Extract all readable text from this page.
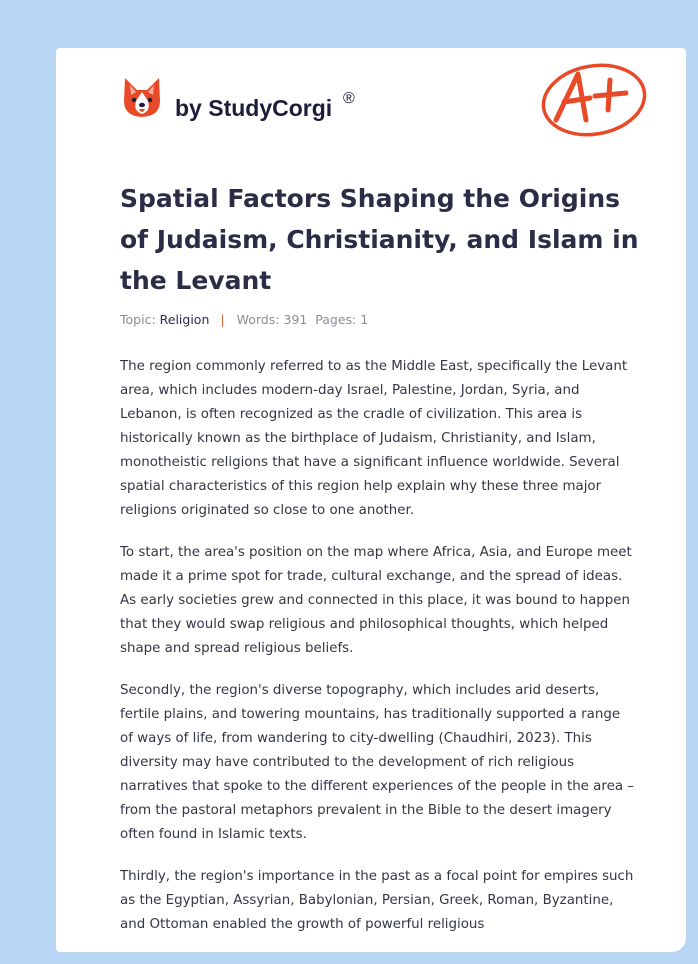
by StudyCorgi ®
Spatial Factors Shaping the Origins of Judaism, Christianity, and Islam in the Levant
Topic: Religion | Words: 391 Pages: 1

The region commonly referred to as the Middle East, specifically the Levant area, which includes modern-day Israel, Palestine, Jordan, Syria, and Lebanon, is often recognized as the cradle of civilization. This area is historically known as the birthplace of Judaism, Christianity, and Islam, monotheistic religions that have a significant influence worldwide. Several spatial characteristics of this region help explain why these three major religions originated so close to one another.

To start, the area's position on the map where Africa, Asia, and Europe meet made it a prime spot for trade, cultural exchange, and the spread of ideas. As early societies grew and connected in this place, it was bound to happen that they would swap religious and philosophical thoughts, which helped shape and spread religious beliefs.

Secondly, the region's diverse topography, which includes arid deserts, fertile plains, and towering mountains, has traditionally supported a range of ways of life, from wandering to city-dwelling (Chaudhiri, 2023). This diversity may have contributed to the development of rich religious narratives that spoke to the different experiences of the people in the area – from the pastoral metaphors prevalent in the Bible to the desert imagery often found in Islamic texts.

Thirdly, the region's importance in the past as a focal point for empires such as the Egyptian, Assyrian, Babylonian, Persian, Greek, Roman, Byzantine, and Ottoman enabled the growth of powerful religious
